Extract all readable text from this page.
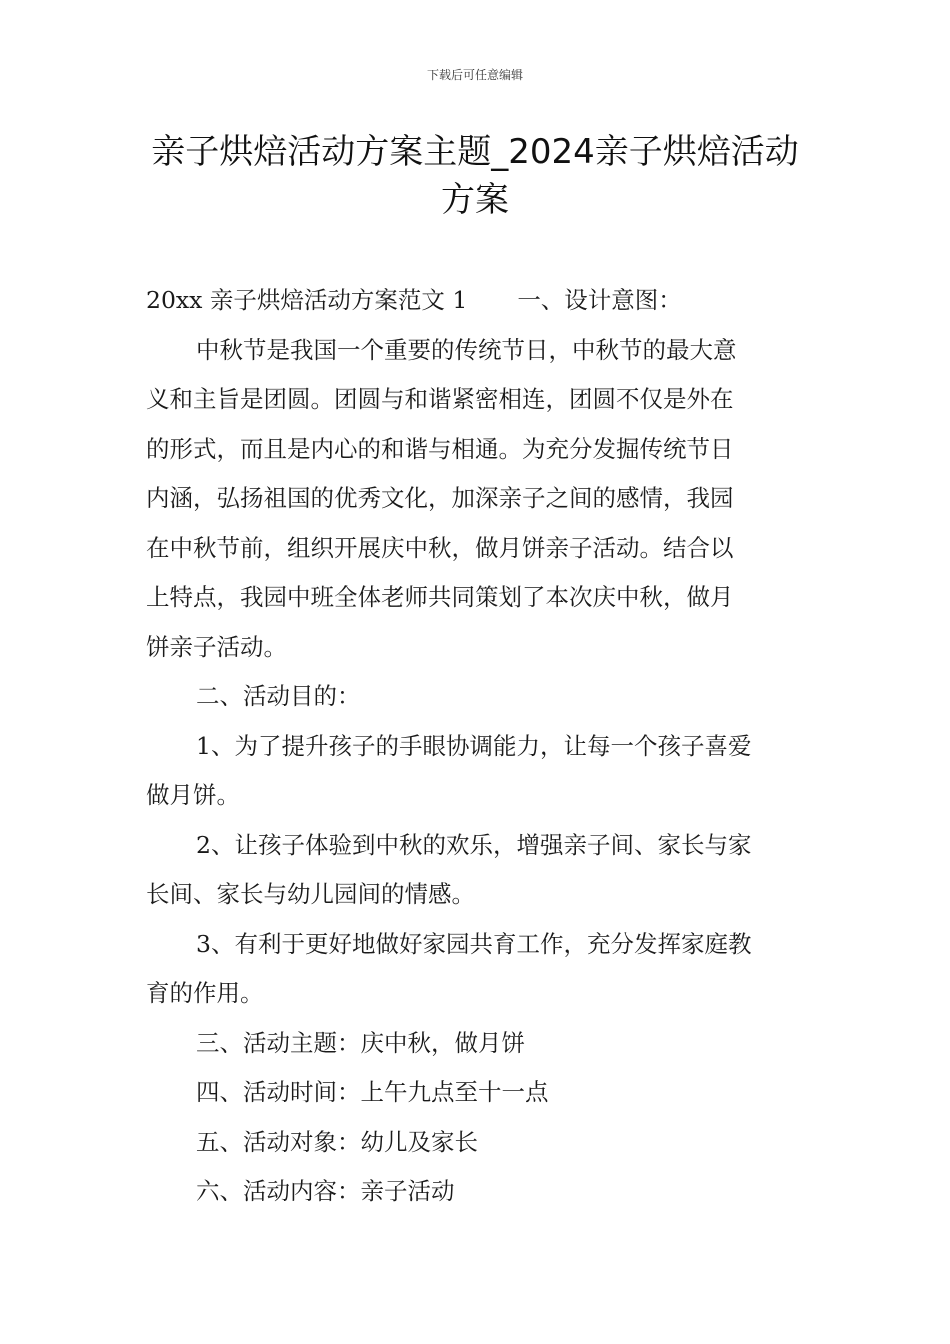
下载后可任意编辑
亲子烘焙活动方案主题_2024亲子烘焙活动
方案
20xx 亲子烘焙活动方案范文 1 一、设计意图：
中秋节是我国一个重要的传统节日，中秋节的最大意
义和主旨是团圆。团圆与和谐紧密相连，团圆不仅是外在
的形式，而且是内心的和谐与相通。为充分发掘传统节日
内涵，弘扬祖国的优秀文化，加深亲子之间的感情，我园
在中秋节前，组织开展庆中秋，做月饼亲子活动。结合以
上特点，我园中班全体老师共同策划了本次庆中秋，做月
饼亲子活动。
二、活动目的：
1、为了提升孩子的手眼协调能力，让每一个孩子喜爱
做月饼。
2、让孩子体验到中秋的欢乐，增强亲子间、家长与家
长间、家长与幼儿园间的情感。
3、有利于更好地做好家园共育工作，充分发挥家庭教
育的作用。
三、活动主题：庆中秋，做月饼
四、活动时间：上午九点至十一点
五、活动对象：幼儿及家长
六、活动内容：亲子活动
